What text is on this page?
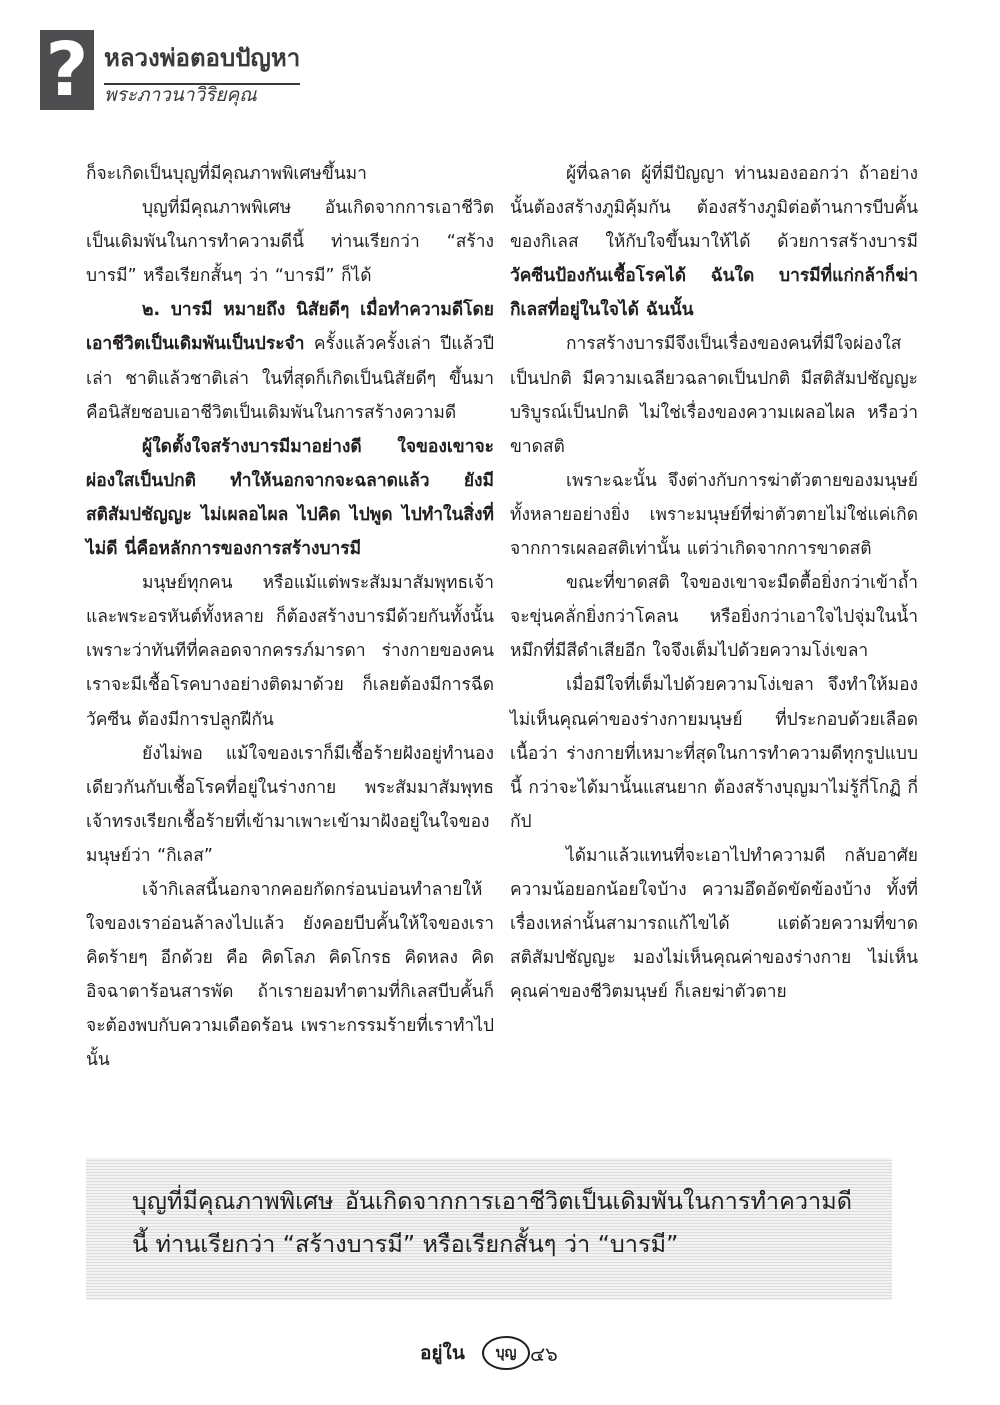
? หลวงพ่อตอบปัญหา
พระภาวนาวิริยคุณ

ก็จะเกิดเป็นบุญที่มีคุณภาพพิเศษขึ้นมา

บุญที่มีคุณภาพพิเศษ อันเกิดจากการเอาชีวิตเป็นเดิมพันในการทำความดีนี้ ท่านเรียกว่า “สร้างบารมี” หรือเรียกสั้นๆ ว่า “บารมี” ก็ได้

๒. บารมี หมายถึง นิสัยดีๆ เมื่อทำความดีโดยเอาชีวิตเป็นเดิมพันเป็นประจำ ครั้งแล้วครั้งเล่า ปีแล้วปีเล่า ชาติแล้วชาติเล่า ในที่สุดก็เกิดเป็นนิสัยดีๆ ขึ้นมา คือนิสัยชอบเอาชีวิตเป็นเดิมพันในการสร้างความดี

ผู้ใดตั้งใจสร้างบารมีมาอย่างดี ใจของเขาจะผ่องใสเป็นปกติ ทำให้นอกจากจะฉลาดแล้ว ยังมีสติสัมปชัญญะ ไม่เผลอไผล ไปคิด ไปพูด ไปทำในสิ่งที่ไม่ดี นี่คือหลักการของการสร้างบารมี

มนุษย์ทุกคน หรือแม้แต่พระสัมมาสัมพุทธเจ้าและพระอรหันต์ทั้งหลาย ก็ต้องสร้างบารมีด้วยกันทั้งนั้น เพราะว่าทันทีที่คลอดจากครรภ์มารดา ร่างกายของคนเราจะมีเชื้อโรคบางอย่างติดมาด้วย ก็เลยต้องมีการฉีดวัคซีน ต้องมีการปลูกฝีกัน

ยังไม่พอ แม้ใจของเราก็มีเชื้อร้ายฝังอยู่ทำนองเดียวกันกับเชื้อโรคที่อยู่ในร่างกาย พระสัมมาสัมพุทธเจ้าทรงเรียกเชื้อร้ายที่เข้ามาเพาะเข้ามาฝังอยู่ในใจของมนุษย์ว่า “กิเลส”

เจ้ากิเลสนี้นอกจากคอยกัดกร่อนบ่อนทำลายให้ใจของเราอ่อนล้าลงไปแล้ว ยังคอยบีบคั้นให้ใจของเราคิดร้ายๆ อีกด้วย คือ คิดโลภ คิดโกรธ คิดหลง คิดอิจฉาตาร้อนสารพัด ถ้าเรายอมทำตามที่กิเลสบีบคั้นก็จะต้องพบกับความเดือดร้อน เพราะกรรมร้ายที่เราทำไปนั้น

ผู้ที่ฉลาด ผู้ที่มีปัญญา ท่านมองออกว่า ถ้าอย่างนั้นต้องสร้างภูมิคุ้มกัน ต้องสร้างภูมิต่อต้านการบีบคั้นของกิเลส ให้กับใจขึ้นมาให้ได้ ด้วยการสร้างบารมี วัคซีนป้องกันเชื้อโรคได้ ฉันใด บารมีที่แก่กล้าก็ฆ่ากิเลสที่อยู่ในใจได้ ฉันนั้น

การสร้างบารมีจึงเป็นเรื่องของคนที่มีใจผ่องใสเป็นปกติ มีความเฉลียวฉลาดเป็นปกติ มีสติสัมปชัญญะบริบูรณ์เป็นปกติ ไม่ใช่เรื่องของความเผลอไผล หรือว่าขาดสติ

เพราะฉะนั้น จึงต่างกับการฆ่าตัวตายของมนุษย์ทั้งหลายอย่างยิ่ง เพราะมนุษย์ที่ฆ่าตัวตายไม่ใช่แค่เกิดจากการเผลอสติเท่านั้น แต่ว่าเกิดจากการขาดสติ

ขณะที่ขาดสติ ใจของเขาจะมืดตื้อยิ่งกว่าเข้าถ้ำ จะขุ่นคลั่กยิ่งกว่าโคลน หรือยิ่งกว่าเอาใจไปจุ่มในน้ำหมึกที่มีสีดำเสียอีก ใจจึงเต็มไปด้วยความโง่เขลา

เมื่อมีใจที่เต็มไปด้วยความโง่เขลา จึงทำให้มองไม่เห็นคุณค่าของร่างกายมนุษย์ ที่ประกอบด้วยเลือดเนื้อว่า ร่างกายที่เหมาะที่สุดในการทำความดีทุกรูปแบบนี้ กว่าจะได้มานั้นแสนยาก ต้องสร้างบุญมาไม่รู้กี่โกฏิ กี่กัป

ได้มาแล้วแทนที่จะเอาไปทำความดี กลับอาศัยความน้อยอกน้อยใจบ้าง ความอึดอัดขัดข้องบ้าง ทั้งที่เรื่องเหล่านั้นสามารถแก้ไขได้ แต่ด้วยความที่ขาดสติสัมปชัญญะ มองไม่เห็นคุณค่าของร่างกาย ไม่เห็นคุณค่าของชีวิตมนุษย์ ก็เลยฆ่าตัวตาย

บุญที่มีคุณภาพพิเศษ อันเกิดจากการเอาชีวิตเป็นเดิมพันในการทำความดีนี้ ท่านเรียกว่า “สร้างบารมี” หรือเรียกสั้นๆ ว่า “บารมี”
อยู่ใน	บุญ ๔๖
